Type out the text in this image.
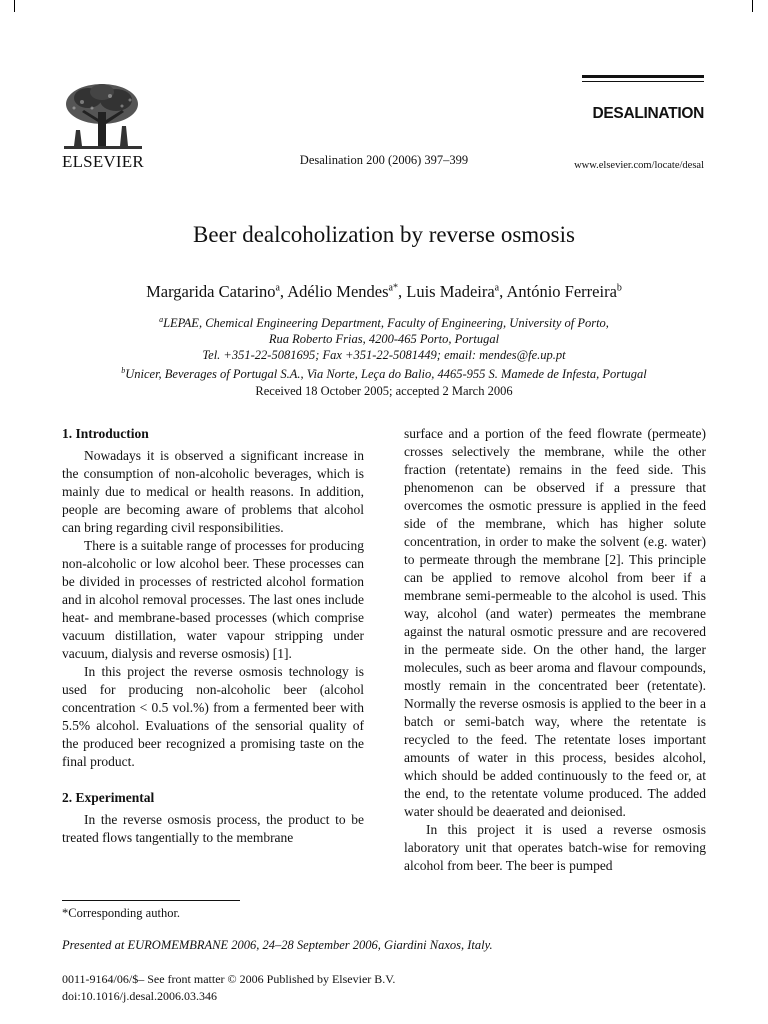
ELSEVIER	Desalination 200 (2006) 397–399
DESALINATION
www.elsevier.com/locate/desal
Beer dealcoholization by reverse osmosis
Margarida Catarino$^a$, Adélio Mendes$^{a*}$, Luis Madeira$^a$, António Ferreira$^b$
$^a$LEPAE, Chemical Engineering Department, Faculty of Engineering, University of Porto,
Rua Roberto Frias, 4200-465 Porto, Portugal
Tel. +351-22-5081695; Fax +351-22-5081449; email: mendes@fe.up.pt
$^b$Unicer, Beverages of Portugal S.A., Via Norte, Leça do Balio, 4465-955 S. Mamede de Infesta, Portugal
Received 18 October 2005; accepted 2 March 2006
1. Introduction

Nowadays it is observed a significant increase in the consumption of non-alcoholic beverages, which is mainly due to medical or health reasons. In addition, people are becoming aware of problems that alcohol can bring regarding civil responsibilities.

There is a suitable range of processes for producing non-alcoholic or low alcohol beer. These processes can be divided in processes of restricted alcohol formation and in alcohol removal processes. The last ones include heat- and membrane-based processes (which comprise vacuum distillation, water vapour stripping under vacuum, dialysis and reverse osmosis) [1].

In this project the reverse osmosis technology is used for producing non-alcoholic beer (alcohol concentration < 0.5 vol.%) from a fermented beer with 5.5% alcohol. Evaluations of the sensorial quality of the produced beer recognized a promising taste on the final product.

2. Experimental

In the reverse osmosis process, the product to be treated flows tangentially to the membrane

surface and a portion of the feed flowrate (permeate) crosses selectively the membrane, while the other fraction (retentate) remains in the feed side. This phenomenon can be observed if a pressure that overcomes the osmotic pressure is applied in the feed side of the membrane, which has higher solute concentration, in order to make the solvent (e.g. water) to permeate through the membrane [2]. This principle can be applied to remove alcohol from beer if a membrane semi-permeable to the alcohol is used. This way, alcohol (and water) permeates the membrane against the natural osmotic pressure and are recovered in the permeate side. On the other hand, the larger molecules, such as beer aroma and flavour compounds, mostly remain in the concentrated beer (retentate). Normally the reverse osmosis is applied to the beer in a batch or semi-batch way, where the retentate is recycled to the feed. The retentate loses important amounts of water in this process, besides alcohol, which should be added continuously to the feed or, at the end, to the retentate volume produced. The added water should be deaerated and deionised.

In this project it is used a reverse osmosis laboratory unit that operates batch-wise for removing alcohol from beer. The beer is pumped

*Corresponding author.
Presented at EUROMEMBRANE 2006, 24–28 September 2006, Giardini Naxos, Italy.
0011-9164/06/$– See front matter © 2006 Published by Elsevier B.V.
doi:10.1016/j.desal.2006.03.346
